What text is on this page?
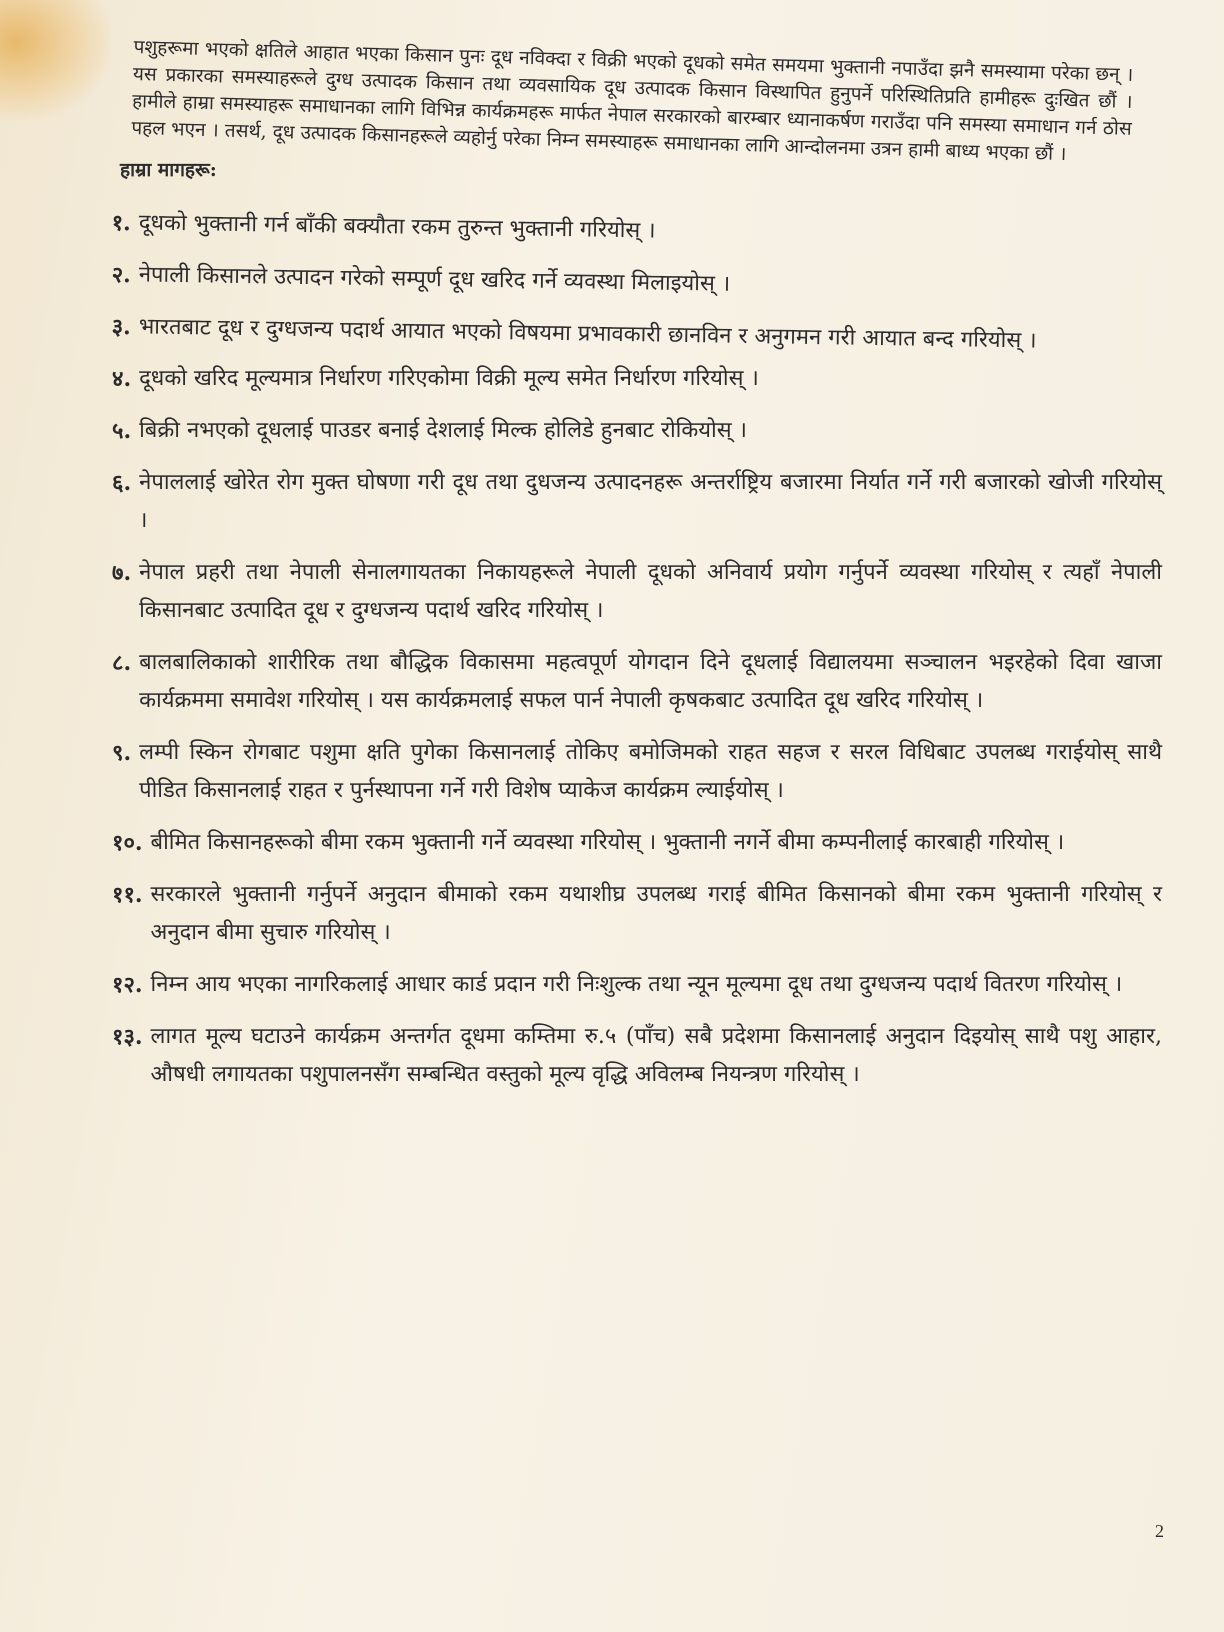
पशुहरूमा भएको क्षतिले आहात भएका किसान पुनः दूध नविक्दा र विक्री भएको दूधको समेत समयमा भुक्तानी नपाउँदा झनै समस्यामा परेका छन् । यस प्रकारका समस्याहरूले दुग्ध उत्पादक किसान तथा व्यवसायिक दूध उत्पादक किसान विस्थापित हुनुपर्ने परिस्थितिप्रति हामीहरू दुःखित छौं । हामीले हाम्रा समस्याहरू समाधानका लागि विभिन्न कार्यक्रमहरू मार्फत नेपाल सरकारको बारम्बार ध्यानाकर्षण गराउँदा पनि समस्या समाधान गर्न ठोस पहल भएन । तसर्थ, दूध उत्पादक किसानहरूले व्यहोर्नु परेका निम्न समस्याहरू समाधानका लागि आन्दोलनमा उत्रन हामी बाध्य भएका छौं ।

हाम्रा मागहरू:
१. दूधको भुक्तानी गर्न बाँकी बक्यौता रकम तुरुन्त भुक्तानी गरियोस् ।
२. नेपाली किसानले उत्पादन गरेको सम्पूर्ण दूध खरिद गर्ने व्यवस्था मिलाइयोस् ।
३. भारतबाट दूध र दुग्धजन्य पदार्थ आयात भएको विषयमा प्रभावकारी छानविन र अनुगमन गरी आयात बन्द गरियोस् ।
४. दूधको खरिद मूल्यमात्र निर्धारण गरिएकोमा विक्री मूल्य समेत निर्धारण गरियोस् ।
५. बिक्री नभएको दूधलाई पाउडर बनाई देशलाई मिल्क होलिडे हुनबाट रोकियोस् ।
६. नेपाललाई खोरेत रोग मुक्त घोषणा गरी दूध तथा दुधजन्य उत्पादनहरू अन्तर्राष्ट्रिय बजारमा निर्यात गर्ने गरी बजारको खोजी गरियोस् ।
७. नेपाल प्रहरी तथा नेपाली सेनालगायतका निकायहरूले नेपाली दूधको अनिवार्य प्रयोग गर्नुपर्ने व्यवस्था गरियोस् र त्यहाँ नेपाली किसानबाट उत्पादित दूध र दुग्धजन्य पदार्थ खरिद गरियोस् ।
८. बालबालिकाको शारीरिक तथा बौद्धिक विकासमा महत्वपूर्ण योगदान दिने दूधलाई विद्यालयमा सञ्चालन भइरहेको दिवा खाजा कार्यक्रममा समावेश गरियोस् । यस कार्यक्रमलाई सफल पार्न नेपाली कृषकबाट उत्पादित दूध खरिद गरियोस् ।
९. लम्पी स्किन रोगबाट पशुमा क्षति पुगेका किसानलाई तोकिए बमोजिमको राहत सहज र सरल विधिबाट उपलब्ध गराईयोस् साथै पीडित किसानलाई राहत र पुर्नस्थापना गर्ने गरी विशेष प्याकेज कार्यक्रम ल्याईयोस् ।
१०. बीमित किसानहरूको बीमा रकम भुक्तानी गर्ने व्यवस्था गरियोस् । भुक्तानी नगर्ने बीमा कम्पनीलाई कारबाही गरियोस् ।
११. सरकारले भुक्तानी गर्नुपर्ने अनुदान बीमाको रकम यथाशीघ्र उपलब्ध गराई बीमित किसानको बीमा रकम भुक्तानी गरियोस् र अनुदान बीमा सुचारु गरियोस् ।
१२. निम्न आय भएका नागरिकलाई आधार कार्ड प्रदान गरी निःशुल्क तथा न्यून मूल्यमा दूध तथा दुग्धजन्य पदार्थ वितरण गरियोस् ।
१३. लागत मूल्य घटाउने कार्यक्रम अन्तर्गत दूधमा कम्तिमा रु.५ (पाँच) सबै प्रदेशमा किसानलाई अनुदान दिइयोस् साथै पशु आहार, औषधी लगायतका पशुपालनसँग सम्बन्धित वस्तुको मूल्य वृद्धि अविलम्ब नियन्त्रण गरियोस् ।
2
